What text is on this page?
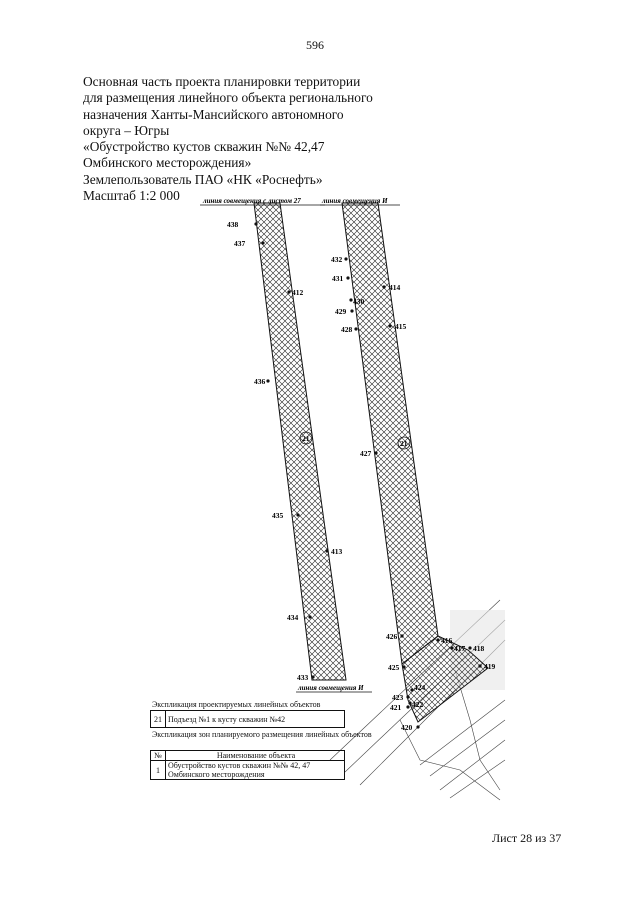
596
Основная часть проекта планировки территории
для размещения линейного объекта регионального
назначения Ханты-Мансийского автономного
округа – Югры
«Обустройство кустов скважин №№ 42,47
Омбинского месторождения»
Землепользователь ПАО «НК «Роснефть»
Масштаб 1:2 000	линия совмещения с листом 27	линия совмещения И
линия совмещения И
21
21
438
437
412
436
435
413
434
433
432
431
414
430
429
428	415
427
426
425
416
417 418
419
424
423
422
421
420
Экспликация проектируемых линейных объектов
21 Подъезд №1 к кусту скважин №42
Экспликация зон планируемого размещения линейных объектов
№	Наименование объекта
1	Обустройство кустов скважин №№ 42, 47
Омбинского месторождения
Лист 28 из 37
